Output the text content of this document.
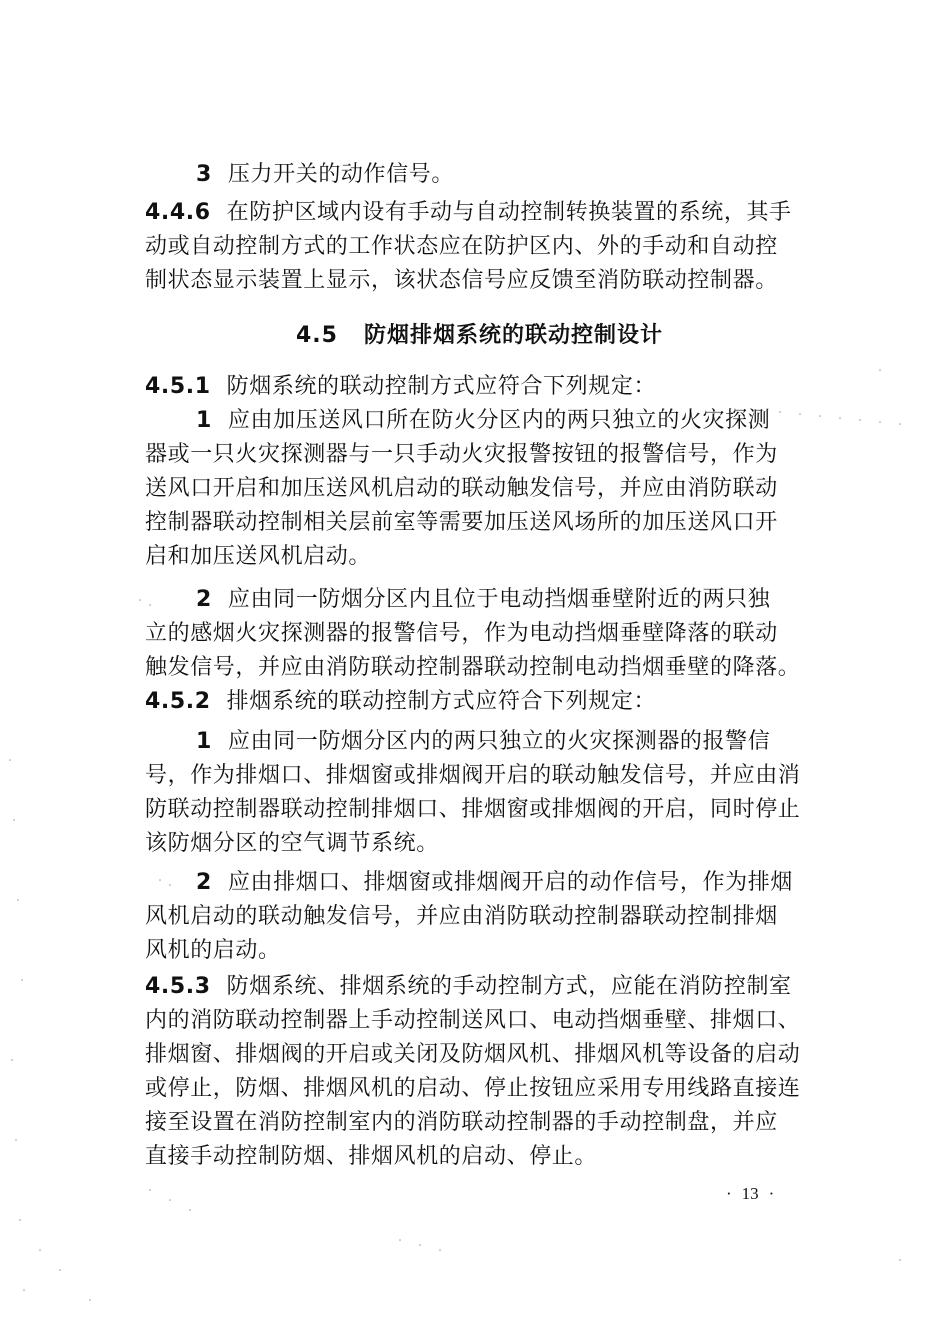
3 压力开关的动作信号。
4.4.6 在防护区域内设有手动与自动控制转换装置的系统，其手
动或自动控制方式的工作状态应在防护区内、外的手动和自动控
制状态显示装置上显示，该状态信号应反馈至消防联动控制器。
4.5 防烟排烟系统的联动控制设计
4.5.1 防烟系统的联动控制方式应符合下列规定：
1 应由加压送风口所在防火分区内的两只独立的火灾探测
器或一只火灾探测器与一只手动火灾报警按钮的报警信号，作为
送风口开启和加压送风机启动的联动触发信号，并应由消防联动
控制器联动控制相关层前室等需要加压送风场所的加压送风口开
启和加压送风机启动。
2 应由同一防烟分区内且位于电动挡烟垂壁附近的两只独
立的感烟火灾探测器的报警信号，作为电动挡烟垂壁降落的联动
触发信号，并应由消防联动控制器联动控制电动挡烟垂壁的降落。
4.5.2 排烟系统的联动控制方式应符合下列规定：
1 应由同一防烟分区内的两只独立的火灾探测器的报警信
号，作为排烟口、排烟窗或排烟阀开启的联动触发信号，并应由消
防联动控制器联动控制排烟口、排烟窗或排烟阀的开启，同时停止
该防烟分区的空气调节系统。
2 应由排烟口、排烟窗或排烟阀开启的动作信号，作为排烟
风机启动的联动触发信号，并应由消防联动控制器联动控制排烟
风机的启动。
4.5.3 防烟系统、排烟系统的手动控制方式，应能在消防控制室
内的消防联动控制器上手动控制送风口、电动挡烟垂壁、排烟口、
排烟窗、排烟阀的开启或关闭及防烟风机、排烟风机等设备的启动
或停止，防烟、排烟风机的启动、停止按钮应采用专用线路直接连
接至设置在消防控制室内的消防联动控制器的手动控制盘，并应
直接手动控制防烟、排烟风机的启动、停止。
· 13 ·
